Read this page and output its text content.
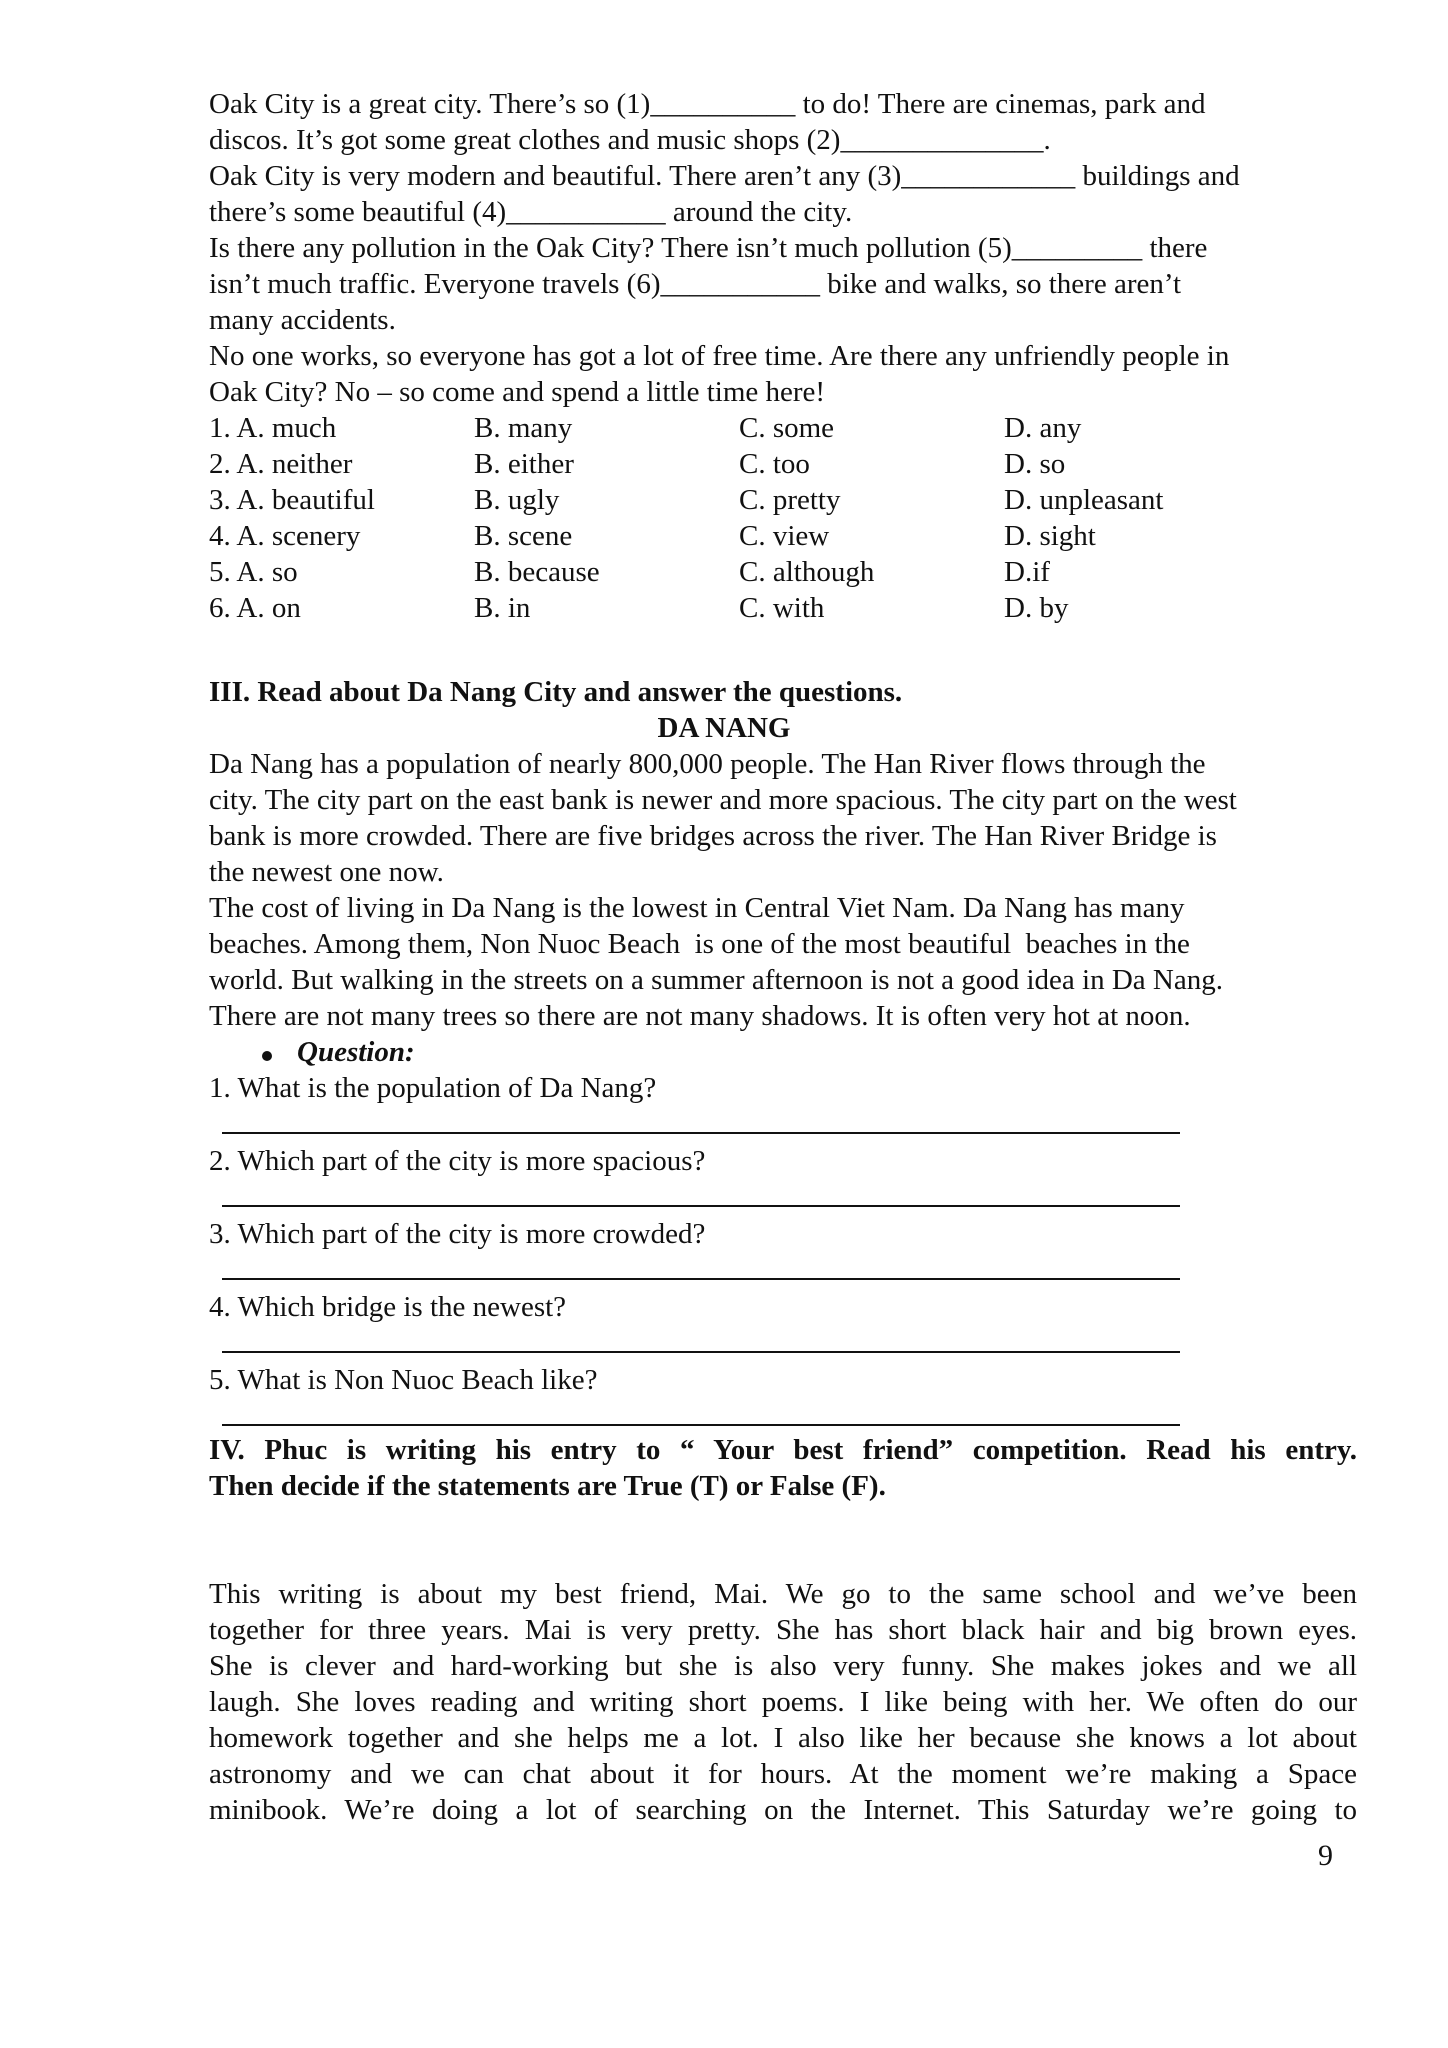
Oak City is a great city. There’s so (1)__________ to do! There are cinemas, park and
discos. It’s got some great clothes and music shops (2)______________.
Oak City is very modern and beautiful. There aren’t any (3)____________ buildings and
there’s some beautiful (4)___________ around the city.
Is there any pollution in the Oak City? There isn’t much pollution (5)_________ there
isn’t much traffic. Everyone travels (6)___________ bike and walks, so there aren’t
many accidents.
No one works, so everyone has got a lot of free time. Are there any unfriendly people in
Oak City? No – so come and spend a little time here!
1. A. much	B. many	C. some	D. any
2. A. neither	B. either	C. too	D. so
3. A. beautiful	B. ugly	C. pretty	D. unpleasant
4. A. scenery	B. scene	C. view	D. sight
5. A. so	B. because	C. although	D.if
6. A. on	B. in	C. with	D. by
III. Read about Da Nang City and answer the questions.
DA NANG
Da Nang has a population of nearly 800,000 people. The Han River flows through the
city. The city part on the east bank is newer and more spacious. The city part on the west
bank is more crowded. There are five bridges across the river. The Han River Bridge is
the newest one now.
The cost of living in Da Nang is the lowest in Central Viet Nam. Da Nang has many
beaches. Among them, Non Nuoc Beach  is one of the most beautiful  beaches in the
world. But walking in the streets on a summer afternoon is not a good idea in Da Nang.
There are not many trees so there are not many shadows. It is often very hot at noon.
Question:
1. What is the population of Da Nang?
2. Which part of the city is more spacious?
3. Which part of the city is more crowded?
4. Which bridge is the newest?
5. What is Non Nuoc Beach like?
IV. Phuc is writing his entry to “ Your best friend” competition. Read his entry.
Then decide if the statements are True (T) or False (F).
This writing is about my best friend, Mai. We go to the same school and we’ve been
together for three years. Mai is very pretty. She has short black hair and big brown eyes.
She is clever and hard-working but she is also very funny. She makes jokes and we all
laugh. She loves reading and writing short poems. I like being with her. We often do our
homework together and she helps me a lot. I also like her because she knows a lot about
astronomy and we can chat about it for hours. At the moment we’re making a Space
minibook. We’re doing a lot of searching on the Internet. This Saturday we’re going to
9
